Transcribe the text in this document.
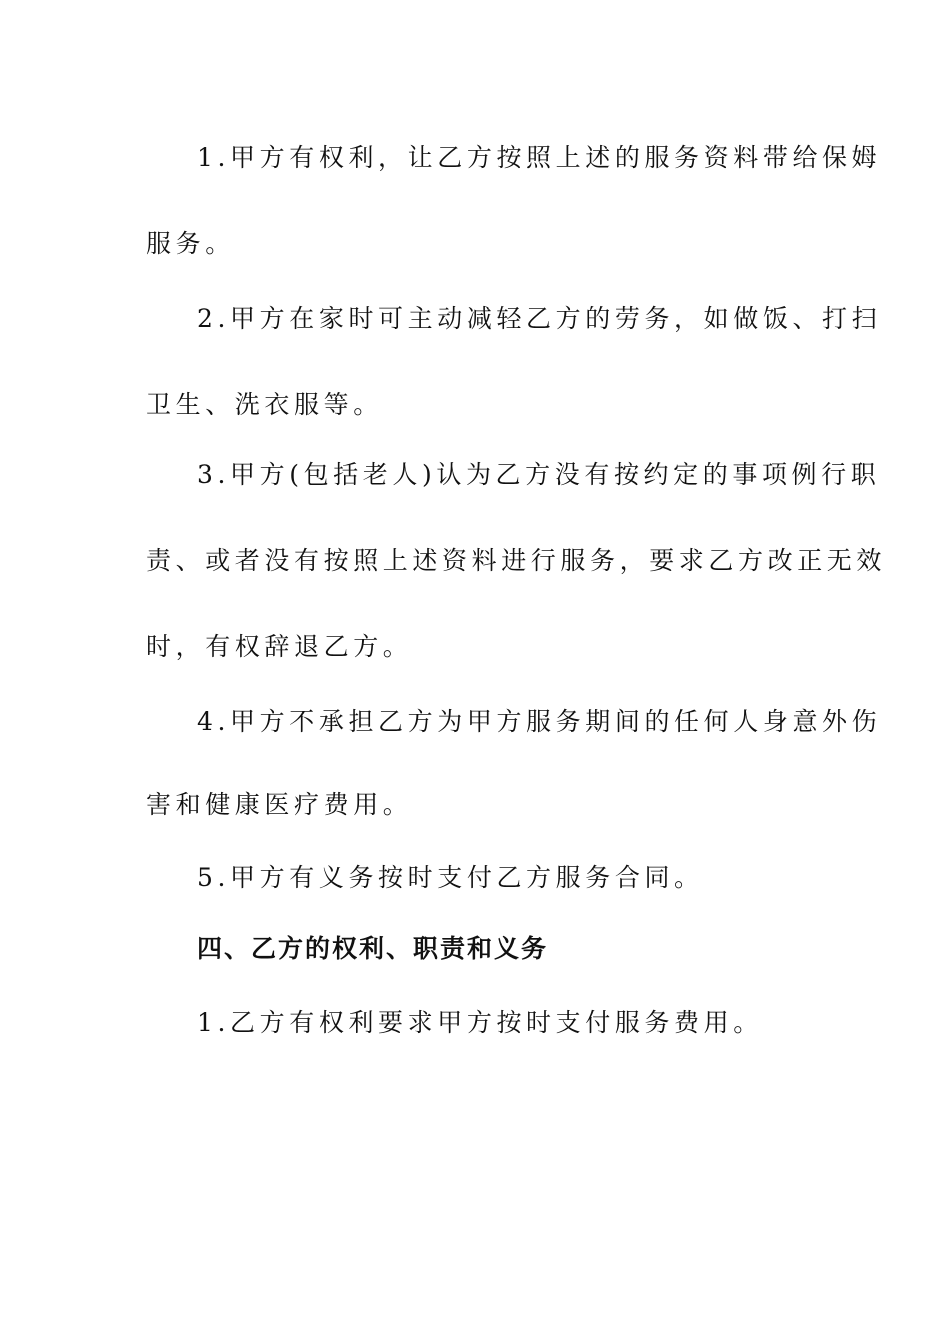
1.甲方有权利，让乙方按照上述的服务资料带给保姆
服务。
2.甲方在家时可主动减轻乙方的劳务，如做饭、打扫
卫生、洗衣服等。
3.甲方(包括老人)认为乙方没有按约定的事项例行职
责、或者没有按照上述资料进行服务，要求乙方改正无效
时，有权辞退乙方。
4.甲方不承担乙方为甲方服务期间的任何人身意外伤
害和健康医疗费用。
5.甲方有义务按时支付乙方服务合同。
四、乙方的权利、职责和义务
1.乙方有权利要求甲方按时支付服务费用。
